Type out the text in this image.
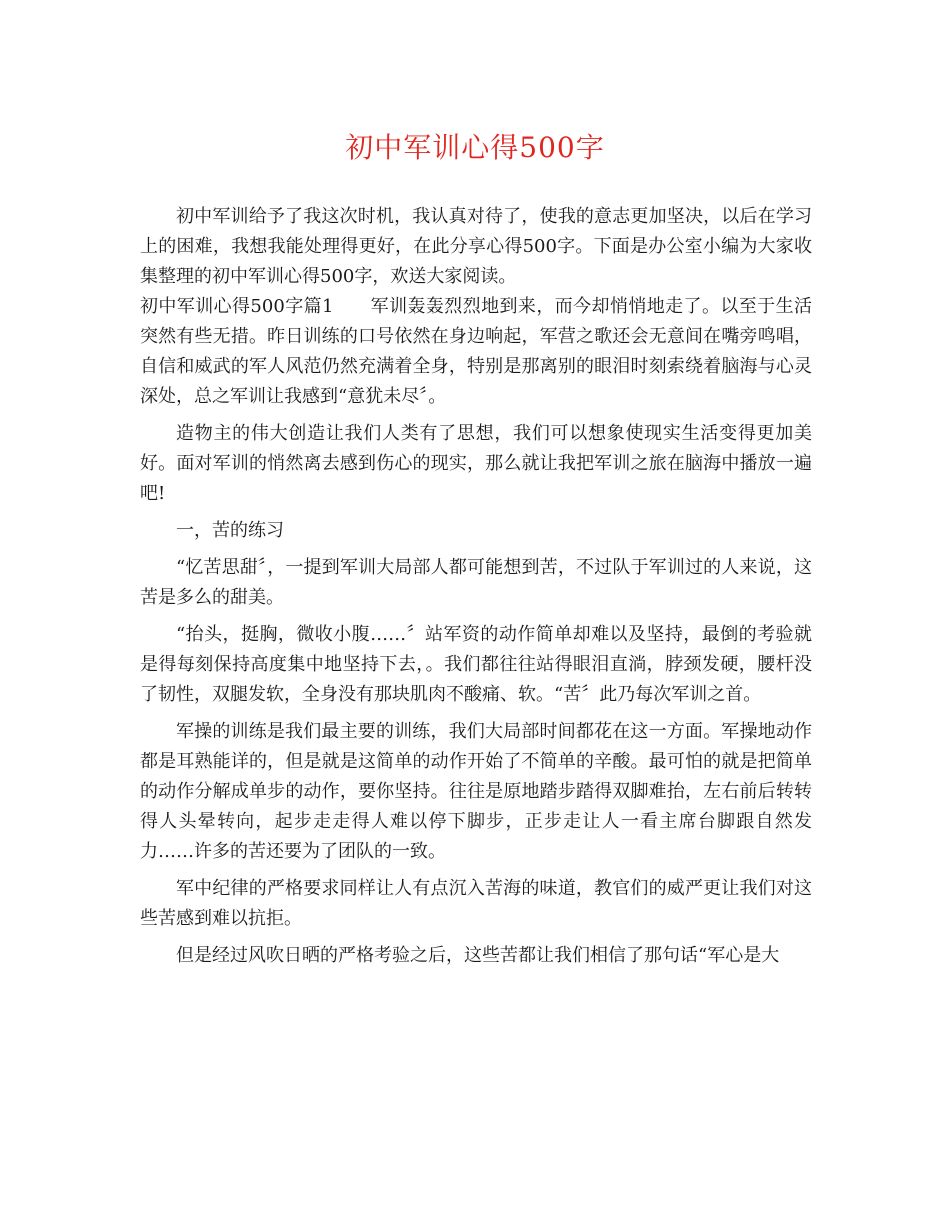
初中军训心得500字

初中军训给予了我这次时机，我认真对待了，使我的意志更加坚决，以后在学习上的困难，我想我能处理得更好，在此分享心得500字。下面是办公室小编为大家收集整理的初中军训心得500字，欢送大家阅读。

初中军训心得500字篇1　　军训轰轰烈烈地到来，而今却悄悄地走了。以至于生活突然有些无措。昨日训练的口号依然在身边响起，军营之歌还会无意间在嘴旁鸣唱，自信和威武的军人风范仍然充满着全身，特别是那离别的眼泪时刻索绕着脑海与心灵深处，总之军训让我感到“意犹未尽〞。

造物主的伟大创造让我们人类有了思想，我们可以想象使现实生活变得更加美好。面对军训的悄然离去感到伤心的现实，那么就让我把军训之旅在脑海中播放一遍吧!

一，苦的练习

“忆苦思甜〞，一提到军训大局部人都可能想到苦，不过队于军训过的人来说，这苦是多么的甜美。

“抬头，挺胸，微收小腹……〞站军资的动作简单却难以及坚持，最倒的考验就是得每刻保持高度集中地坚持下去，。我们都往往站得眼泪直淌，脖颈发硬，腰杆没了韧性，双腿发软，全身没有那块肌肉不酸痛、软。“苦〞此乃每次军训之首。

军操的训练是我们最主要的训练，我们大局部时间都花在这一方面。军操地动作都是耳熟能详的，但是就是这简单的动作开始了不简单的辛酸。最可怕的就是把简单的动作分解成单步的动作，要你坚持。往往是原地踏步踏得双脚难抬，左右前后转转得人头晕转向，起步走走得人难以停下脚步，正步走让人一看主席台脚跟自然发力……许多的苦还要为了团队的一致。

军中纪律的严格要求同样让人有点沉入苦海的味道，教官们的威严更让我们对这些苦感到难以抗拒。

但是经过风吹日晒的严格考验之后，这些苦都让我们相信了那句话“军心是大
